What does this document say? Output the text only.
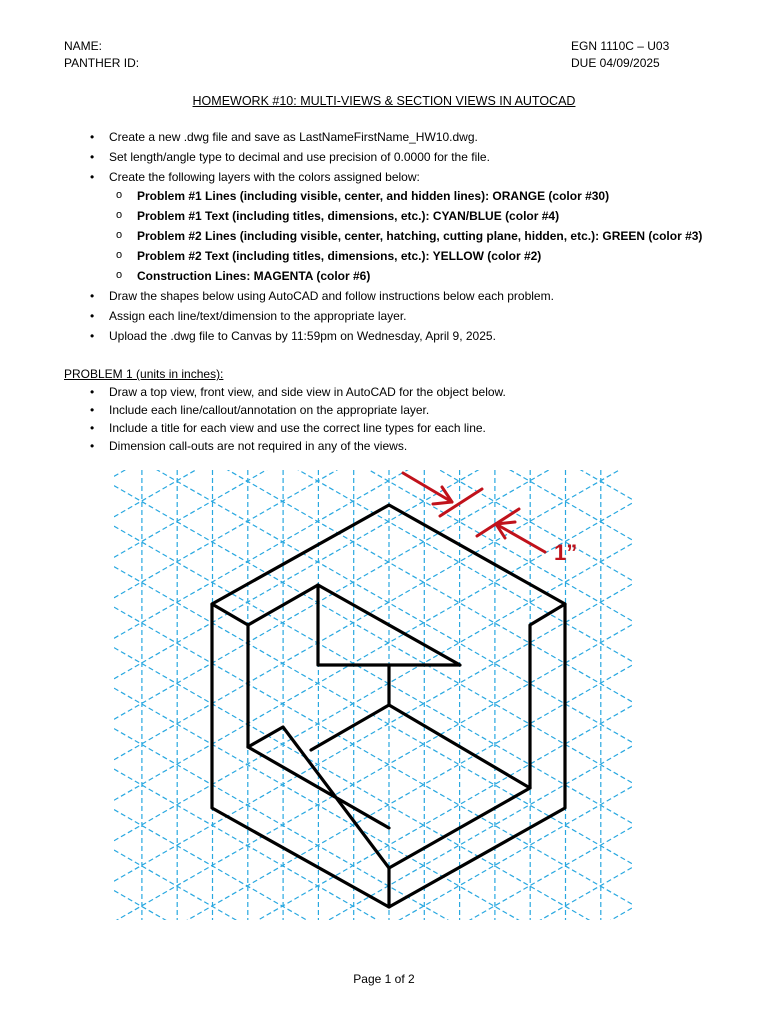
NAME:
PANTHER ID:
EGN 1110C – U03
DUE 04/09/2025
HOMEWORK #10: MULTI-VIEWS & SECTION VIEWS IN AUTOCAD
• Create a new .dwg file and save as LastNameFirstName_HW10.dwg.
• Set length/angle type to decimal and use precision of 0.0000 for the file.
• Create the following layers with the colors assigned below:
o Problem #1 Lines (including visible, center, and hidden lines): ORANGE (color #30)
o Problem #1 Text (including titles, dimensions, etc.): CYAN/BLUE (color #4)
o Problem #2 Lines (including visible, center, hatching, cutting plane, hidden, etc.): GREEN (color #3)
o Problem #2 Text (including titles, dimensions, etc.): YELLOW (color #2)
o Construction Lines: MAGENTA (color #6)
• Draw the shapes below using AutoCAD and follow instructions below each problem.
• Assign each line/text/dimension to the appropriate layer.
• Upload the .dwg file to Canvas by 11:59pm on Wednesday, April 9, 2025.
PROBLEM 1 (units in inches):
• Draw a top view, front view, and side view in AutoCAD for the object below.
• Include each line/callout/annotation on the appropriate layer.
• Include a title for each view and use the correct line types for each line.
• Dimension call-outs are not required in any of the views.
1”
Page 1 of 2
